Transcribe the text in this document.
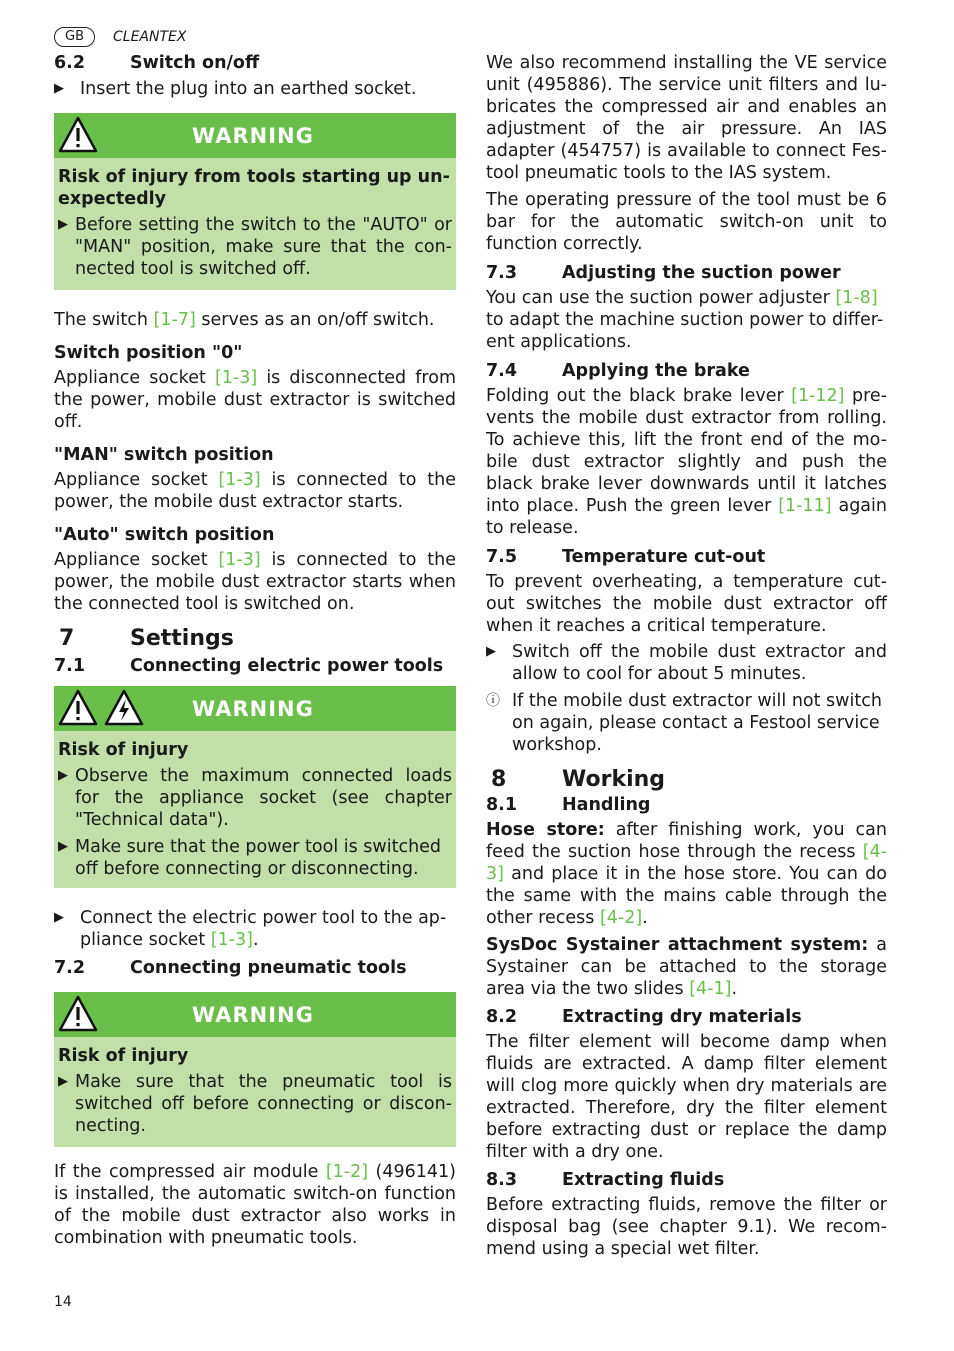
GB	CLEANTEX

6.2	Switch on/off

▶ Insert the plug into an earthed socket.

WARNING

Risk of injury from tools starting up un-expectedly

▶ Before setting the switch to the "AUTO" or "MAN" position, make sure that the con-nected tool is switched off.

The switch [1-7] serves as an on/off switch.

Switch position "0"

Appliance socket [1-3] is disconnected from the power, mobile dust extractor is switched off.

"MAN" switch position

Appliance socket [1-3] is connected to the power, the mobile dust extractor starts.

"Auto" switch position

Appliance socket [1-3] is connected to the power, the mobile dust extractor starts when the connected tool is switched on.

7	Settings

7.1	Connecting electric power tools

WARNING

Risk of injury

▶ Observe the maximum connected loads for the appliance socket (see chapter "Technical data").

▶ Make sure that the power tool is switched off before connecting or disconnecting.

▶ Connect the electric power tool to the ap-pliance socket [1-3].

7.2	Connecting pneumatic tools

WARNING

Risk of injury

▶ Make sure that the pneumatic tool is switched off before connecting or discon-necting.

If the compressed air module [1-2] (496141) is installed, the automatic switch-on function of the mobile dust extractor also works in combination with pneumatic tools.

We also recommend installing the VE service unit (495886). The service unit filters and lu-bricates the compressed air and enables an adjustment of the air pressure. An IAS adapter (454757) is available to connect Fes-tool pneumatic tools to the IAS system.

The operating pressure of the tool must be 6 bar for the automatic switch-on unit to function correctly.

7.3	Adjusting the suction power

You can use the suction power adjuster [1-8] to adapt the machine suction power to differ-ent applications.

7.4	Applying the brake

Folding out the black brake lever [1-12] pre-vents the mobile dust extractor from rolling. To achieve this, lift the front end of the mo-bile dust extractor slightly and push the black brake lever downwards until it latches into place. Push the green lever [1-11] again to release.

7.5	Temperature cut-out

To prevent overheating, a temperature cut-out switches the mobile dust extractor off when it reaches a critical temperature.

▶ Switch off the mobile dust extractor and allow to cool for about 5 minutes.

ⓘ If the mobile dust extractor will not switch on again, please contact a Festool service workshop.

8	Working

8.1	Handling

Hose store: after finishing work, you can feed the suction hose through the recess [4-3] and place it in the hose store. You can do the same with the mains cable through the other recess [4-2].

SysDoc Systainer attachment system: a Systainer can be attached to the storage area via the two slides [4-1].

8.2	Extracting dry materials

The filter element will become damp when fluids are extracted. A damp filter element will clog more quickly when dry materials are extracted. Therefore, dry the filter element before extracting dust or replace the damp filter with a dry one.

8.3	Extracting fluids

Before extracting fluids, remove the filter or disposal bag (see chapter 9.1). We recom-mend using a special wet filter.

14
